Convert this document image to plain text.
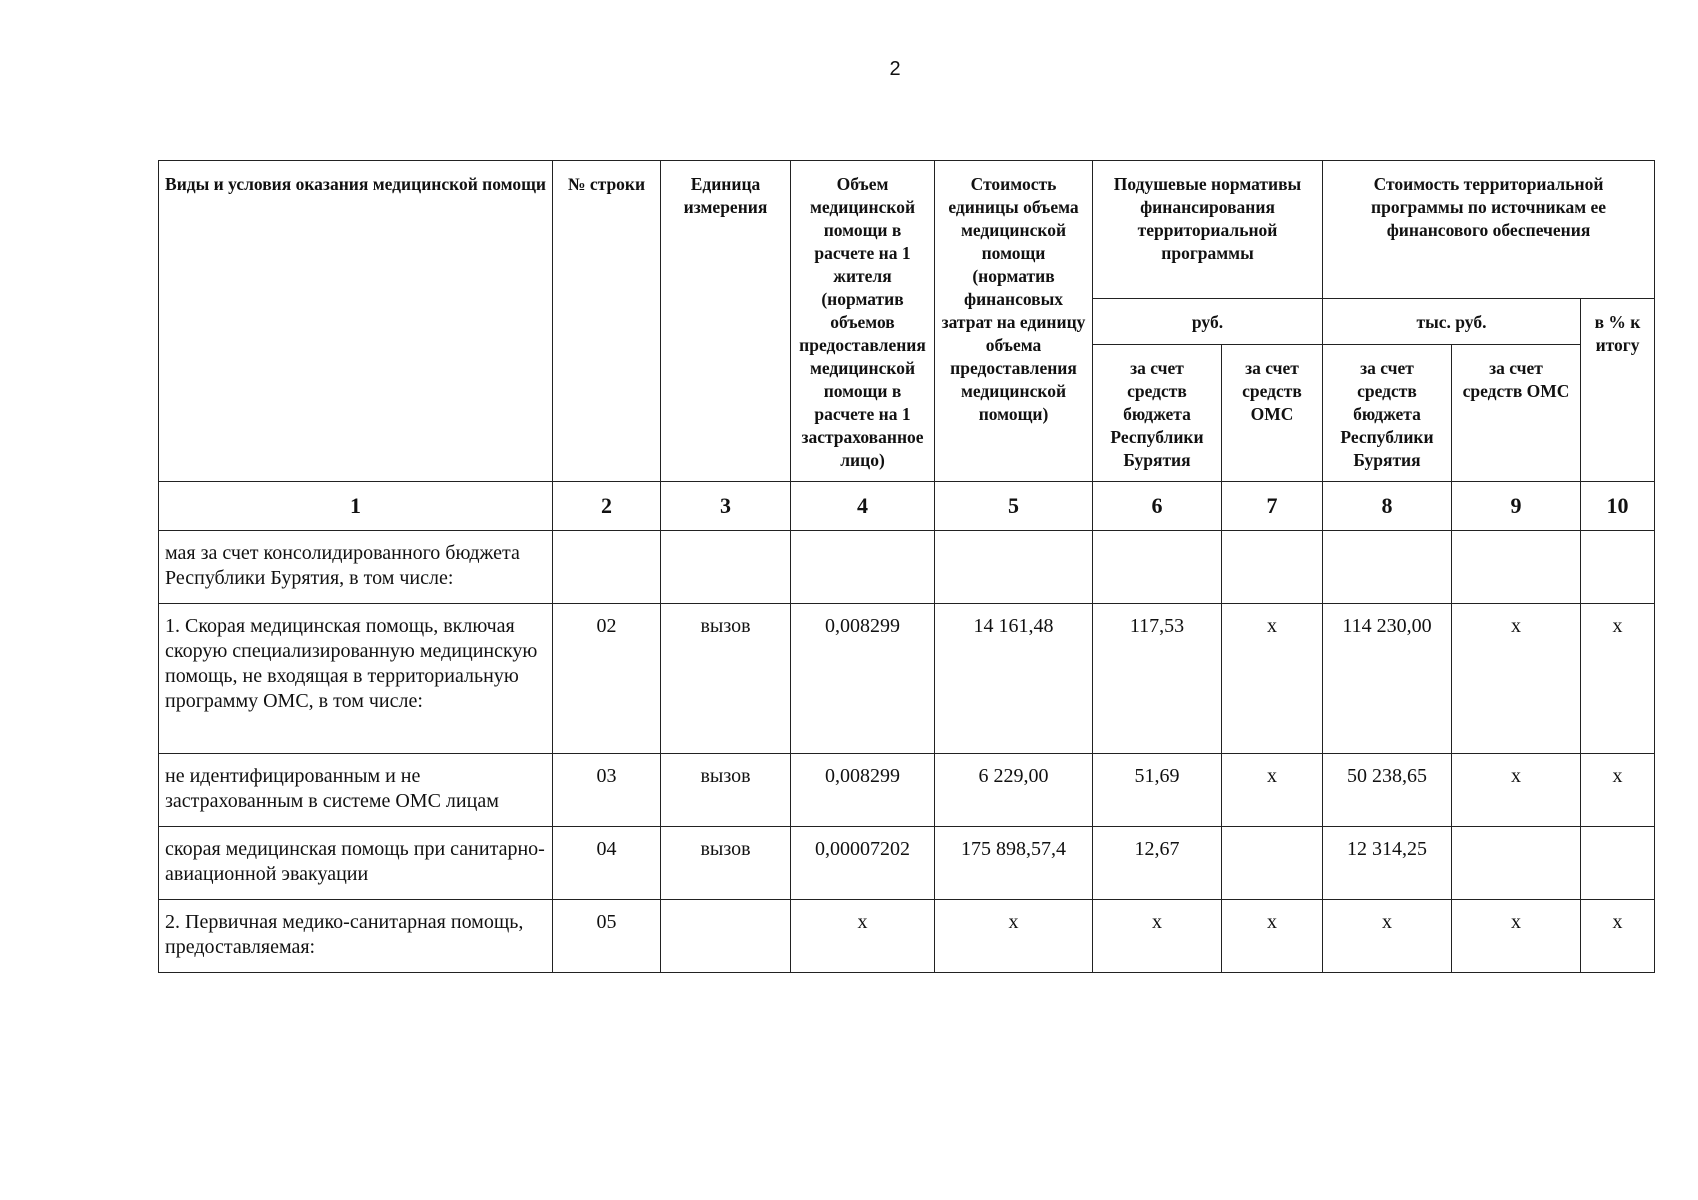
2
Виды и условия оказания медицинской помощи	№ строки	Единица измерения	Объем медицинской помощи в расчете на 1 жителя (норматив объемов предоставления медицинской помощи в расчете на 1 застрахованное лицо)	Стоимость единицы объема медицинской помощи (норматив финансовых затрат на единицу объема предоставления медицинской помощи)	Подушевые нормативы финансирования территориальной программы		Стоимость территориальной программы по источникам ее финансового обеспечения		
					руб.		тыс. руб.		в % к итогу
					за счет средств бюджета Республики Бурятия	за счет средств ОМС	за счет средств бюджета Республики Бурятия	за счет средств ОМС	
1	2	3	4	5	6	7	8	9	10
мая за счет консолидированного бюджета Республики Бурятия, в том числе:									
1. Скорая медицинская помощь, включая скорую специализированную медицинскую помощь, не входящая в территориальную программу ОМС, в том числе:	02	вызов	0,008299	14 161,48	117,53	х	114 230,00	х	х
не идентифицированным и не застрахованным в системе ОМС лицам	03	вызов	0,008299	6 229,00	51,69	х	50 238,65	х	х
скорая медицинская помощь при санитарно-авиационной эвакуации	04	вызов	0,00007202	175 898,57,4	12,67		12 314,25		
2. Первичная медико-санитарная помощь, предоставляемая:	05		х	х	х	х	х	х	х
